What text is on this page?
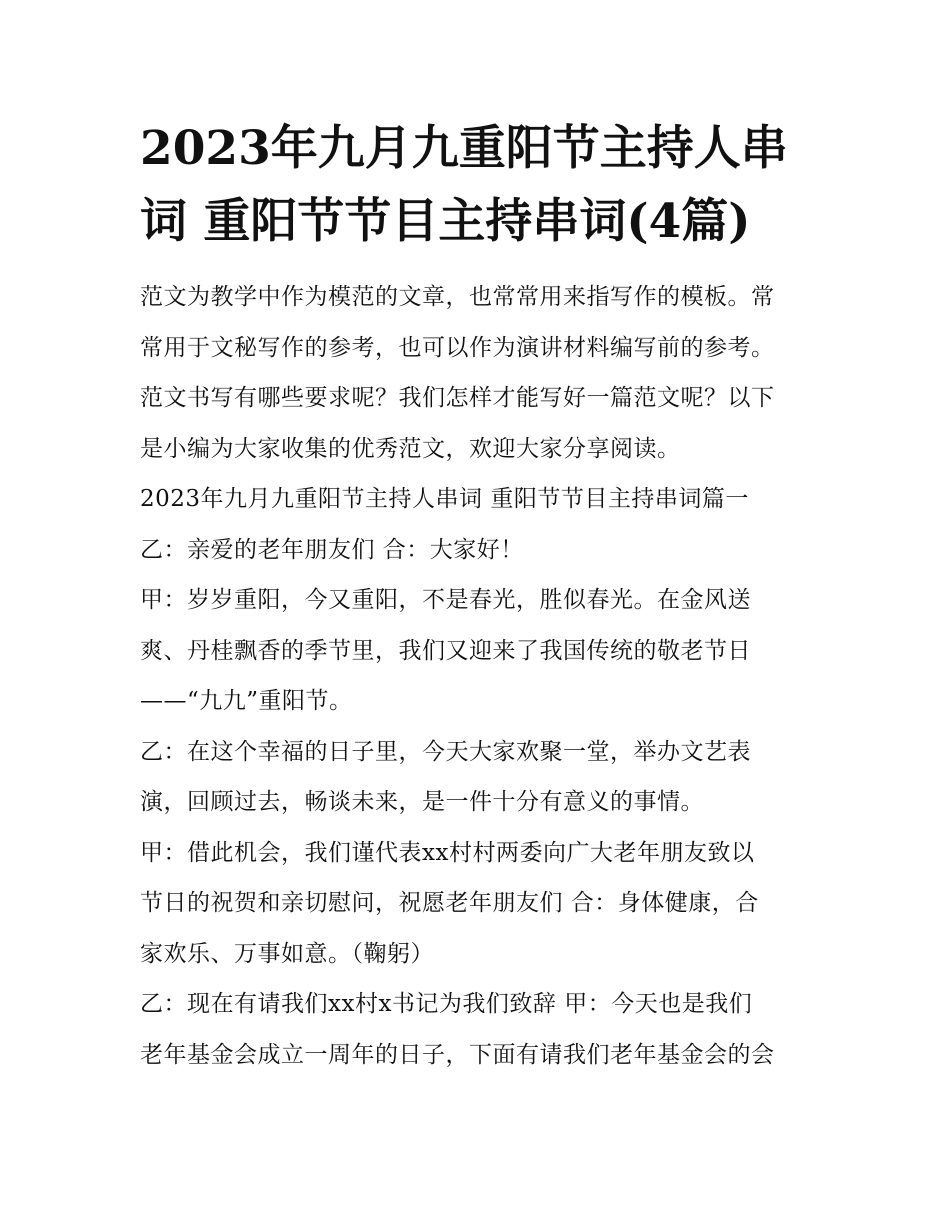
2023年九月九重阳节主持人串
词 重阳节节目主持串词(4篇)
范文为教学中作为模范的文章，也常常用来指写作的模板。常
常用于文秘写作的参考，也可以作为演讲材料编写前的参考。
范文书写有哪些要求呢？我们怎样才能写好一篇范文呢？以下
是小编为大家收集的优秀范文，欢迎大家分享阅读。
2023年九月九重阳节主持人串词 重阳节节目主持串词篇一
乙：亲爱的老年朋友们 合：大家好！
甲：岁岁重阳，今又重阳，不是春光，胜似春光。在金风送
爽、丹桂飘香的季节里，我们又迎来了我国传统的敬老节日
——“九九”重阳节。
乙：在这个幸福的日子里，今天大家欢聚一堂，举办文艺表
演，回顾过去，畅谈未来，是一件十分有意义的事情。
甲：借此机会，我们谨代表xx村村两委向广大老年朋友致以
节日的祝贺和亲切慰问，祝愿老年朋友们 合：身体健康，合
家欢乐、万事如意。（鞠躬）
乙：现在有请我们xx村x书记为我们致辞 甲：今天也是我们
老年基金会成立一周年的日子，下面有请我们老年基金会的会
